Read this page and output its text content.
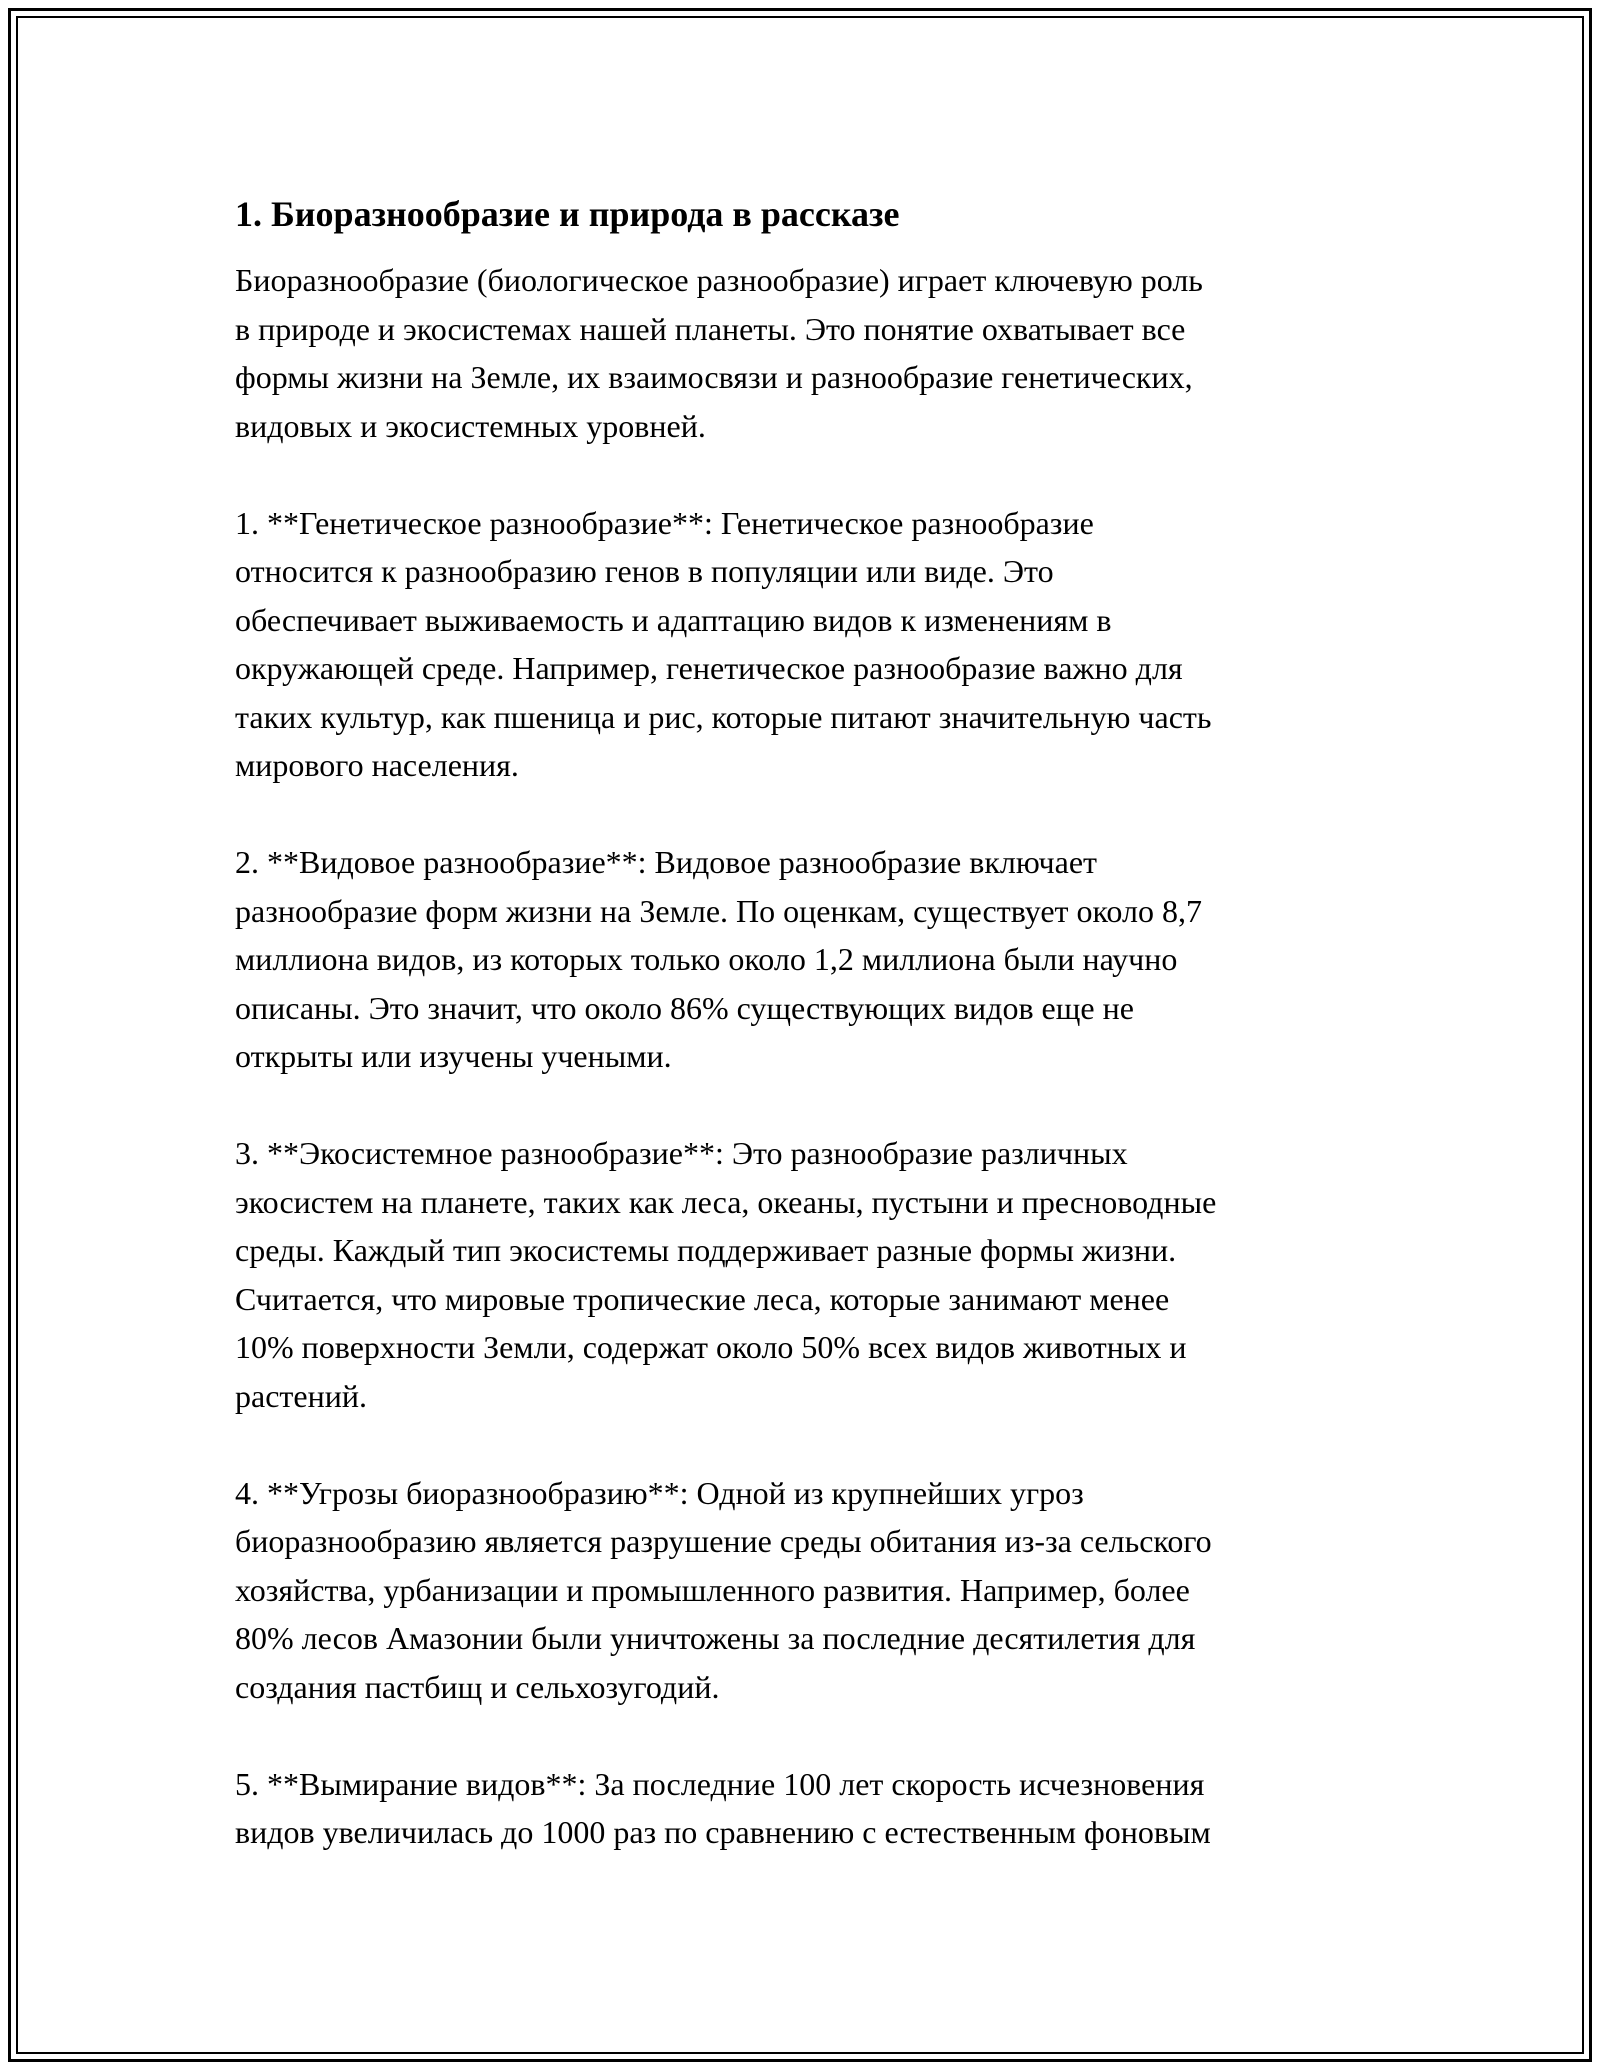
1. Биоразнообразие и природа в рассказе
Биоразнообразие (биологическое разнообразие) играет ключевую роль
в природе и экосистемах нашей планеты. Это понятие охватывает все
формы жизни на Земле, их взаимосвязи и разнообразие генетических,
видовых и экосистемных уровней.
1. **Генетическое разнообразие**: Генетическое разнообразие
относится к разнообразию генов в популяции или виде. Это
обеспечивает выживаемость и адаптацию видов к изменениям в
окружающей среде. Например, генетическое разнообразие важно для
таких культур, как пшеница и рис, которые питают значительную часть
мирового населения.
2. **Видовое разнообразие**: Видовое разнообразие включает
разнообразие форм жизни на Земле. По оценкам, существует около 8,7
миллиона видов, из которых только около 1,2 миллиона были научно
описаны. Это значит, что около 86% существующих видов еще не
открыты или изучены учеными.
3. **Экосистемное разнообразие**: Это разнообразие различных
экосистем на планете, таких как леса, океаны, пустыни и пресноводные
среды. Каждый тип экосистемы поддерживает разные формы жизни.
Считается, что мировые тропические леса, которые занимают менее
10% поверхности Земли, содержат около 50% всех видов животных и
растений.
4. **Угрозы биоразнообразию**: Одной из крупнейших угроз
биоразнообразию является разрушение среды обитания из-за сельского
хозяйства, урбанизации и промышленного развития. Например, более
80% лесов Амазонии были уничтожены за последние десятилетия для
создания пастбищ и сельхозугодий.
5. **Вымирание видов**: За последние 100 лет скорость исчезновения
видов увеличилась до 1000 раз по сравнению с естественным фоновым
